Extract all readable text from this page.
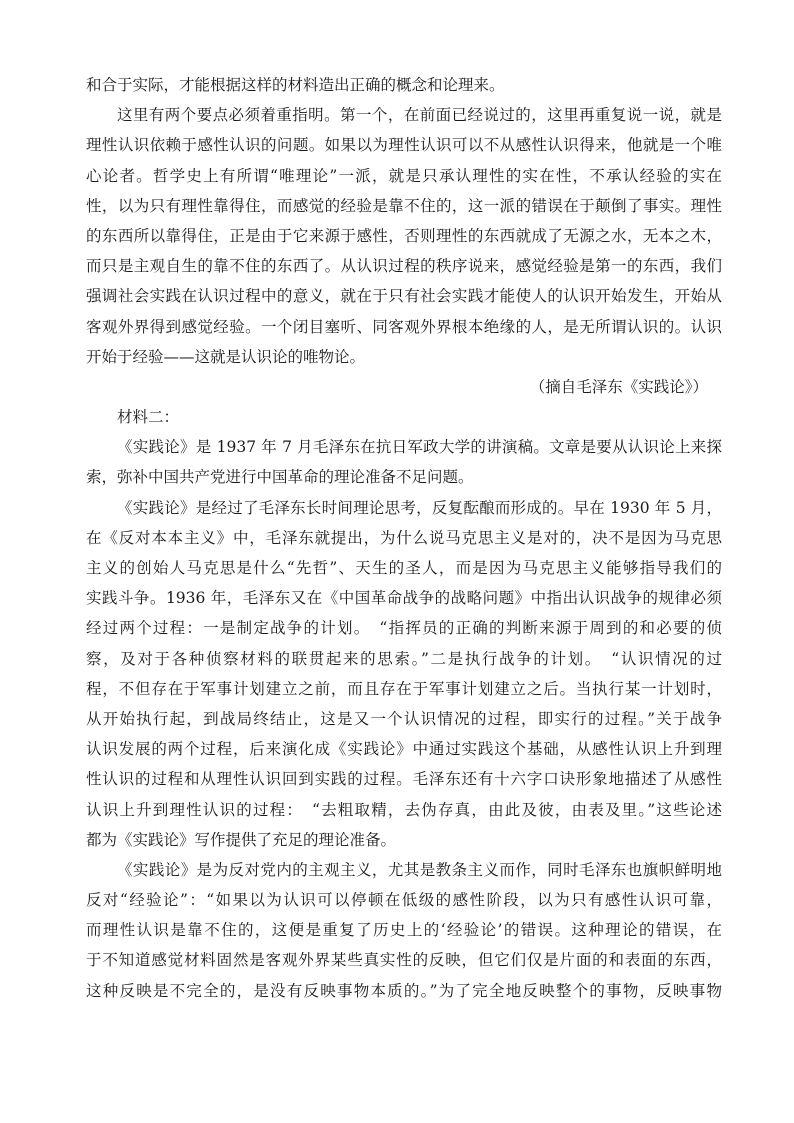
和合于实际，才能根据这样的材料造出正确的概念和论理来。
这里有两个要点必须着重指明。第一个，在前面已经说过的，这里再重复说一说，就是
理性认识依赖于感性认识的问题。如果以为理性认识可以不从感性认识得来，他就是一个唯
心论者。哲学史上有所谓“唯理论”一派，就是只承认理性的实在性，不承认经验的实在
性，以为只有理性靠得住，而感觉的经验是靠不住的，这一派的错误在于颠倒了事实。理性
的东西所以靠得住，正是由于它来源于感性，否则理性的东西就成了无源之水，无本之木，
而只是主观自生的靠不住的东西了。从认识过程的秩序说来，感觉经验是第一的东西，我们
强调社会实践在认识过程中的意义，就在于只有社会实践才能使人的认识开始发生，开始从
客观外界得到感觉经验。一个闭目塞听、同客观外界根本绝缘的人，是无所谓认识的。认识
开始于经验——这就是认识论的唯物论。
（摘自毛泽东《实践论》）
材料二：
《实践论》是 1937 年 7 月毛泽东在抗日军政大学的讲演稿。文章是要从认识论上来探
索，弥补中国共产党进行中国革命的理论准备不足问题。
《实践论》是经过了毛泽东长时间理论思考，反复酝酿而形成的。早在 1930 年 5 月，
在《反对本本主义》中，毛泽东就提出，为什么说马克思主义是对的，决不是因为马克思
主义的创始人马克思是什么“先哲”、天生的圣人，而是因为马克思主义能够指导我们的
实践斗争。1936 年，毛泽东又在《中国革命战争的战略问题》中指出认识战争的规律必须
经过两个过程：一是制定战争的计划。　“指挥员的正确的判断来源于周到的和必要的侦
察，及对于各种侦察材料的联贯起来的思索。”二是执行战争的计划。　“认识情况的过
程，不但存在于军事计划建立之前，而且存在于军事计划建立之后。当执行某一计划时，
从开始执行起，到战局终结止，这是又一个认识情况的过程，即实行的过程。”关于战争
认识发展的两个过程，后来演化成《实践论》中通过实践这个基础，从感性认识上升到理
性认识的过程和从理性认识回到实践的过程。毛泽东还有十六字口诀形象地描述了从感性
认识上升到理性认识的过程：　“去粗取精，去伪存真，由此及彼，由表及里。”这些论述
都为《实践论》写作提供了充足的理论准备。
《实践论》是为反对党内的主观主义，尤其是教条主义而作，同时毛泽东也旗帜鲜明地
反对“经验论”：“如果以为认识可以停顿在低级的感性阶段，以为只有感性认识可靠，
而理性认识是靠不住的，这便是重复了历史上的‘经验论’的错误。这种理论的错误，在
于不知道感觉材料固然是客观外界某些真实性的反映，但它们仅是片面的和表面的东西，
这种反映是不完全的，是没有反映事物本质的。”为了完全地反映整个的事物，反映事物
